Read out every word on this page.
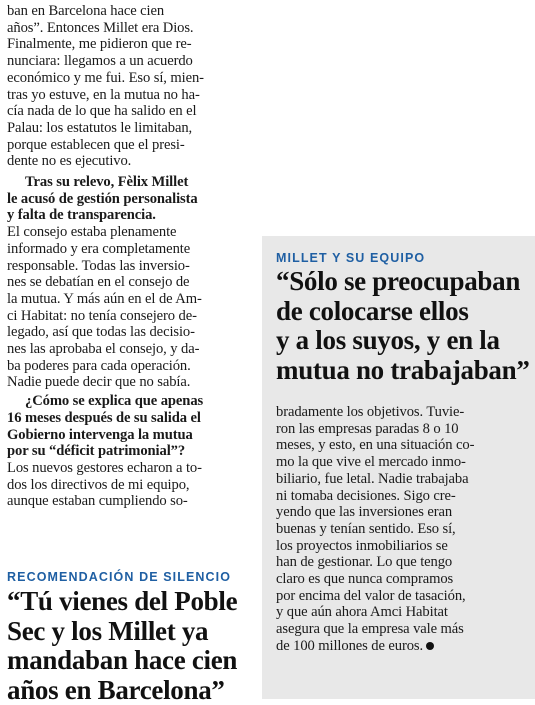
ban en Barcelona hace cien
años”. Entonces Millet era Dios.
Finalmente, me pidieron que re-
nunciara: llegamos a un acuerdo
económico y me fui. Eso sí, mien-
tras yo estuve, en la mutua no ha-
cía nada de lo que ha salido en el
Palau: los estatutos le limitaban,
porque establecen que el presi-
dente no es ejecutivo.

Tras su relevo, Fèlix Millet
le acusó de gestión personalista
y falta de transparencia.

El consejo estaba plenamente
informado y era completamente
responsable. Todas las inversio-
nes se debatían en el consejo de
la mutua. Y más aún en el de Am-
ci Habitat: no tenía consejero de-
legado, así que todas las decisio-
nes las aprobaba el consejo, y da-
ba poderes para cada operación.
Nadie puede decir que no sabía.

¿Cómo se explica que apenas
16 meses después de su salida el
Gobierno intervenga la mutua
por su “déficit patrimonial”?

Los nuevos gestores echaron a to-
dos los directivos de mi equipo,
aunque estaban cumpliendo so-

RECOMENDACIÓN DE SILENCIO
“Tú vienes del Poble
Sec y los Millet ya
mandaban hace cien
años en Barcelona”
MILLET Y SU EQUIPO
“Sólo se preocupaban
de colocarse ellos
y a los suyos, y en la
mutua no trabajaban”
bradamente los objetivos. Tuvie-
ron las empresas paradas 8 o 10
meses, y esto, en una situación co-
mo la que vive el mercado inmo-
biliario, fue letal. Nadie trabajaba
ni tomaba decisiones. Sigo cre-
yendo que las inversiones eran
buenas y tenían sentido. Eso sí,
los proyectos inmobiliarios se
han de gestionar. Lo que tengo
claro es que nunca compramos
por encima del valor de tasación,
y que aún ahora Amci Habitat
asegura que la empresa vale más
de 100 millones de euros.
